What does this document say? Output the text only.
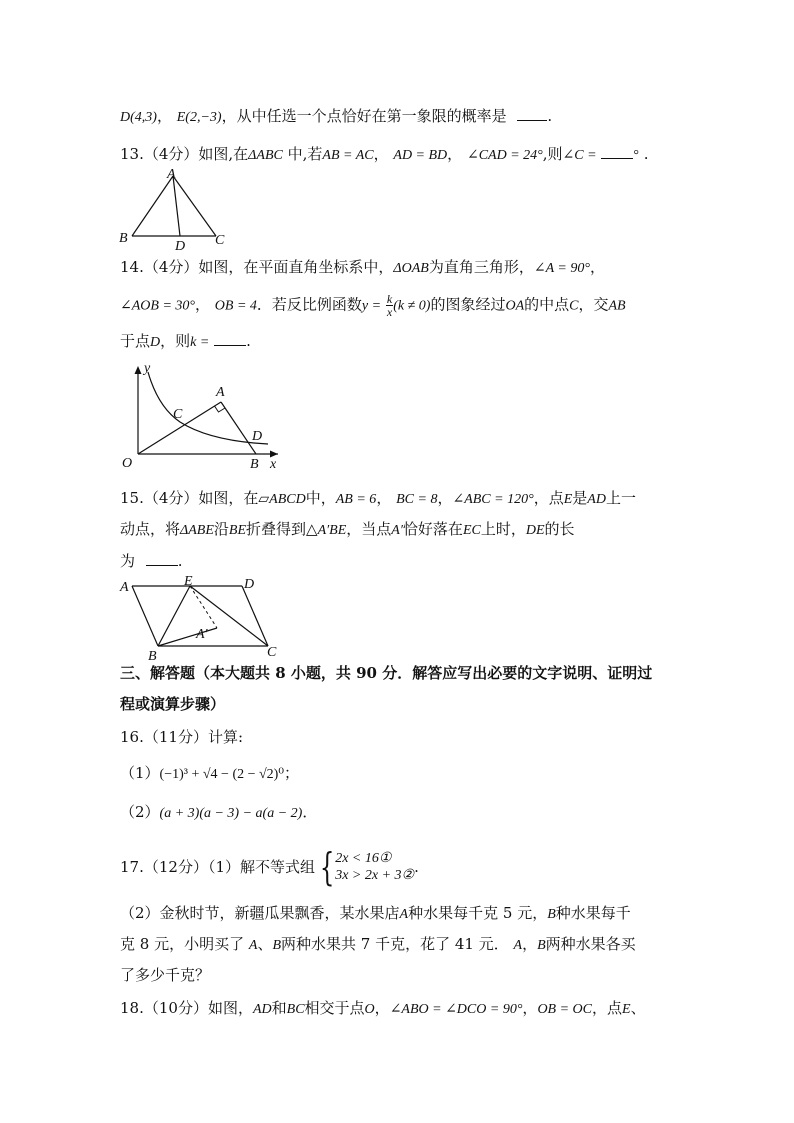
D(4,3)， E(2,−3)，从中任选一个点恰好在第一象限的概率是	.
13.（4分）如图,在ΔABC 中,若AB = AC， AD = BD， ∠CAD = 24°,则∠C =	° .
A
B
D C
14.（4分）如图，在平面直角坐标系中，ΔOAB为直角三角形，∠A = 90°，
∠AOB = 30°， OB = 4．若反比例函数$y = \frac{k}{x} (k \ne 0)$的图象经过OA的中点C，交AB
于点D，则k = .
y
A
C
D
O	B x
15.（4分）如图，在▱ABCD中，AB = 6， BC = 8，∠ABC = 120°，点E是AD上一
动点，将ΔABE沿BE折叠得到△A′BE，当点A′恰好落在EC上时，DE的长
为	.
A	E	D
A′
B	C
三、解答题（本大题共 8 小题，共 90 分．解答应写出必要的文字说明、证明过
程或演算步骤）
16.（11分）计算:
（1）(−1)³ + √4 − (2 − √2)⁰；
（2）(a + 3)(a − 3) − a(a − 2)．
17.（12分）（1）解不等式组 { 2x < 16①
3x > 2x + 3② .
（2）金秋时节，新疆瓜果飘香，某水果店A种水果每千克 5 元，B种水果每千
克 8 元，小明买了 A、B两种水果共 7 千克，花了 41 元． A，B两种水果各买
了多少千克？
18.（10分）如图，AD和BC相交于点O，∠ABO = ∠DCO = 90°，OB = OC，点E、
